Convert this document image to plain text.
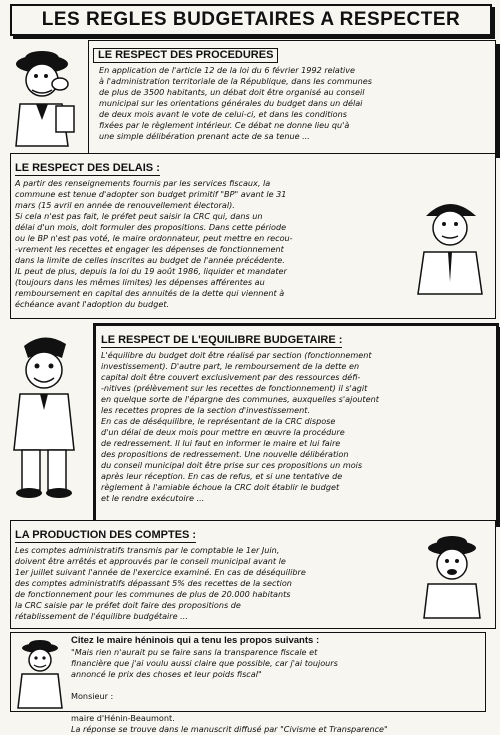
LES REGLES BUDGETAIRES A RESPECTER
LE RESPECT DES PROCEDURES

En application de l'article 12 de la loi du 6 février 1992 relative
à l'administration territoriale de la République, dans les communes
de plus de 3500 habitants, un débat doit être organisé au conseil
municipal sur les orientations générales du budget dans un délai
de deux mois avant le vote de celui-ci, et dans les conditions
fixées par le règlement intérieur. Ce débat ne donne lieu qu'à
une simple délibération prenant acte de sa tenue ...

LE RESPECT DES DELAIS :

A partir des renseignements fournis par les services fiscaux, la
commune est tenue d'adopter son budget primitif "BP" avant le 31
mars (15 avril en année de renouvellement électoral).
Si cela n'est pas fait, le préfet peut saisir la CRC qui, dans un
délai d'un mois, doit formuler des propositions. Dans cette période
ou le BP n'est pas voté, le maire ordonnateur, peut mettre en recou-
-vrement les recettes et engager les dépenses de fonctionnement
dans la limite de celles inscrites au budget de l'année précédente.
IL peut de plus, depuis la loi du 19 août 1986, liquider et mandater
(toujours dans les mêmes limites) les dépenses afférentes au
remboursement en capital des annuités de la dette qui viennent à
échéance avant l'adoption du budget.

LE RESPECT DE L'EQUILIBRE BUDGETAIRE :

L'équilibre du budget doit être réalisé par section (fonctionnement
investissement). D'autre part, le remboursement de la dette en
capital doit être couvert exclusivement par des ressources défi-
-nitives (prélèvement sur les recettes de fonctionnement) il s'agit
en quelque sorte de l'épargne des communes, auxquelles s'ajoutent
les recettes propres de la section d'investissement.
En cas de déséquilibre, le représentant de la CRC dispose
d'un délai de deux mois pour mettre en œuvre la procédure
de redressement. Il lui faut en informer le maire et lui faire
des propositions de redressement. Une nouvelle délibération
du conseil municipal doit être prise sur ces propositions un mois
après leur réception. En cas de refus, et si une tentative de
règlement à l'amiable échoue la CRC doit établir le budget
et le rendre exécutoire ...

LA PRODUCTION DES COMPTES :

Les comptes administratifs transmis par le comptable le 1er Juin,
doivent être arrêtés et approuvés par le conseil municipal avant le
1er juillet suivant l'année de l'exercice examiné. En cas de déséquilibre
des comptes administratifs dépassant 5% des recettes de la section
de fonctionnement pour les communes de plus de 20.000 habitants
la CRC saisie par le préfet doit faire des propositions de
rétablissement de l'équilibre budgétaire ...

Citez le maire héninois qui a tenu les propos suivants :

"Mais rien n'aurait pu se faire sans la transparence fiscale et
financière que j'ai voulu aussi claire que possible, car j'ai toujours
annoncé le prix des choses et leur poids fiscal"

Monsieur :
______________
maire d'Hénin-Beaumont.

La réponse se trouve dans le manuscrit diffusé par "Civisme et Transparence"
